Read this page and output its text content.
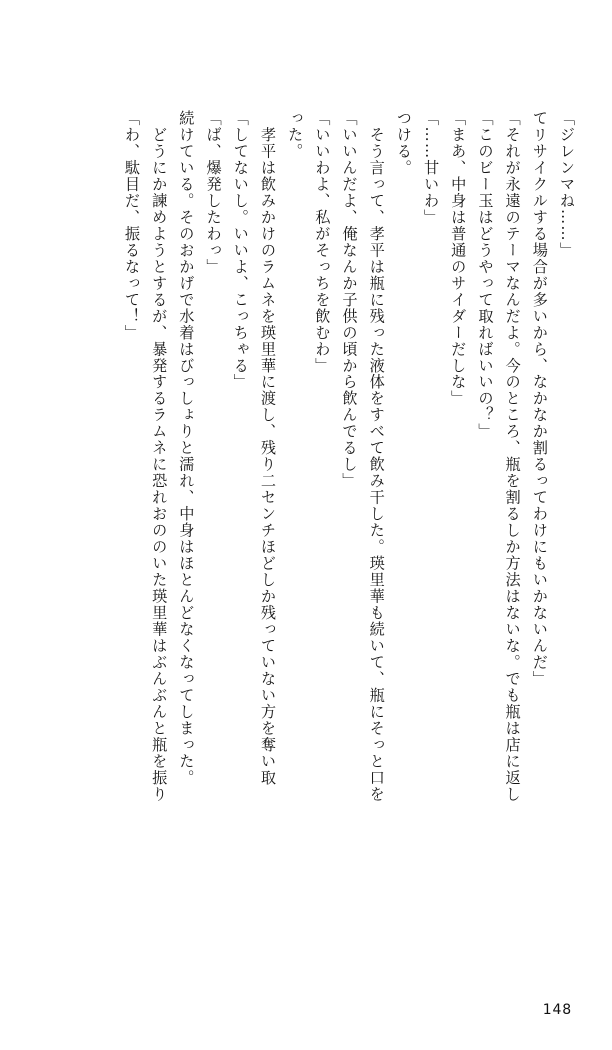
「わ、駄目だ、振るなって！」 　どうにか諫めようとするが、暴発するラムネに恐れおののいた瑛里華はぶんぶんと瓶を振り 続けている。そのおかげで水着はびっしょりと濡れ、中身はほとんどなくなってしまった。 「ば、爆発したわっ」 「してないし。いいよ、こっちゃる」 　孝平は飲みかけのラムネを瑛里華に渡し、残り二センチほどしか残っていない方を奪い取 った。 「いいわよ、私がそっちを飲むわ」 「いいんだよ、俺なんか子供の頃から飲んでるし」 　そう言って、孝平は瓶に残った液体をすべて飲み干した。瑛里華も続いて、瓶にそっと口を つける。 「……甘いわ」 「まあ、中身は普通のサイダーだしな」 「このビー玉はどうやって取ればいいの？」 「それが永遠のテーマなんだよ。今のところ、瓶を割るしか方法はないな。でも瓶は店に返し てリサイクルする場合が多いから、なかなか割るってわけにもいかないんだ」 「ジレンマね……」
148
